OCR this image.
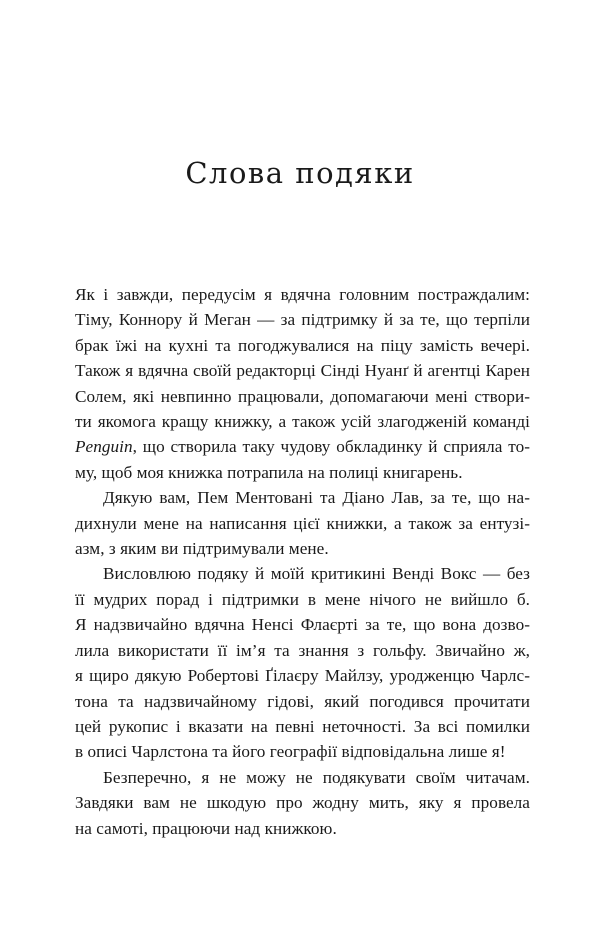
Слова подяки
Як і завжди, передусім я вдячна головним постраждалим:
Тіму, Коннору й Меган — за підтримку й за те, що терпіли
брак їжі на кухні та погоджувалися на піцу замість вечері.
Також я вдячна своїй редакторці Сінді Нуанґ й агентці Карен
Солем, які невпинно працювали, допомагаючи мені створи-
ти якомога кращу книжку, а також усій злагодженій команді
Penguin, що створила таку чудову обкладинку й сприяла то-
му, щоб моя книжка потрапила на полиці книгарень.
Дякую вам, Пем Ментовані та Діано Лав, за те, що на-
дихнули мене на написання цієї книжки, а також за ентузі-
азм, з яким ви підтримували мене.
Висловлюю подяку й моїй критикині Венді Вокс — без
її мудрих порад і підтримки в мене нічого не вийшло б.
Я надзвичайно вдячна Ненсі Флаєрті за те, що вона дозво-
лила використати її ім’я та знання з гольфу. Звичайно ж,
я щиро дякую Робертові Ґілаєру Майлзу, уродженцю Чарлс-
тона та надзвичайному гідові, який погодився прочитати
цей рукопис і вказати на певні неточності. За всі помилки
в описі Чарлстона та його географії відповідальна лише я!
Безперечно, я не можу не подякувати своїм читачам.
Завдяки вам не шкодую про жодну мить, яку я провела
на самоті, працюючи над книжкою.
